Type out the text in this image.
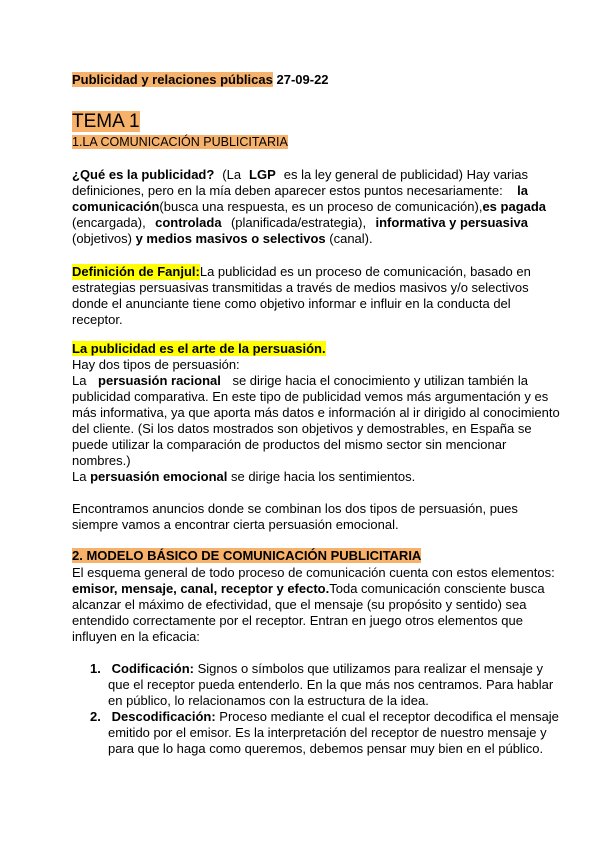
Publicidad y relaciones públicas 27-09-22
TEMA 1
1.LA COMUNICACIÓN PUBLICITARIA
¿Qué es la publicidad? (La LGP es la ley general de publicidad) Hay varias
definiciones, pero en la mía deben aparecer estos puntos necesariamente: la
comunicación (busca una respuesta, es un proceso de comunicación), es pagada
(encargada), controlada (planificada/estrategia), informativa y persuasiva
(objetivos) y medios masivos o selectivos (canal).
Definición de Fanjul: La publicidad es un proceso de comunicación, basado en
estrategias persuasivas transmitidas a través de medios masivos y/o selectivos
donde el anunciante tiene como objetivo informar e influir en la conducta del
receptor.
La publicidad es el arte de la persuasión.
Hay dos tipos de persuasión:
La persuasión racional se dirige hacia el conocimiento y utilizan también la
publicidad comparativa. En este tipo de publicidad vemos más argumentación y es
más informativa, ya que aporta más datos e información al ir dirigido al conocimiento
del cliente. (Si los datos mostrados son objetivos y demostrables, en España se
puede utilizar la comparación de productos del mismo sector sin mencionar
nombres.)
La persuasión emocional se dirige hacia los sentimientos.
Encontramos anuncios donde se combinan los dos tipos de persuasión, pues
siempre vamos a encontrar cierta persuasión emocional.
2. MODELO BÁSICO DE COMUNICACIÓN PUBLICITARIA
El esquema general de todo proceso de comunicación cuenta con estos elementos:
emisor, mensaje, canal, receptor y efecto. Toda comunicación consciente busca
alcanzar el máximo de efectividad, que el mensaje (su propósito y sentido) sea
entendido correctamente por el receptor. Entran en juego otros elementos que
influyen en la eficacia:
1. Codificación: Signos o símbolos que utilizamos para realizar el mensaje y
que el receptor pueda entenderlo. En la que más nos centramos. Para hablar
en público, lo relacionamos con la estructura de la idea.
2. Descodificación: Proceso mediante el cual el receptor decodifica el mensaje
emitido por el emisor. Es la interpretación del receptor de nuestro mensaje y
para que lo haga como queremos, debemos pensar muy bien en el público.
